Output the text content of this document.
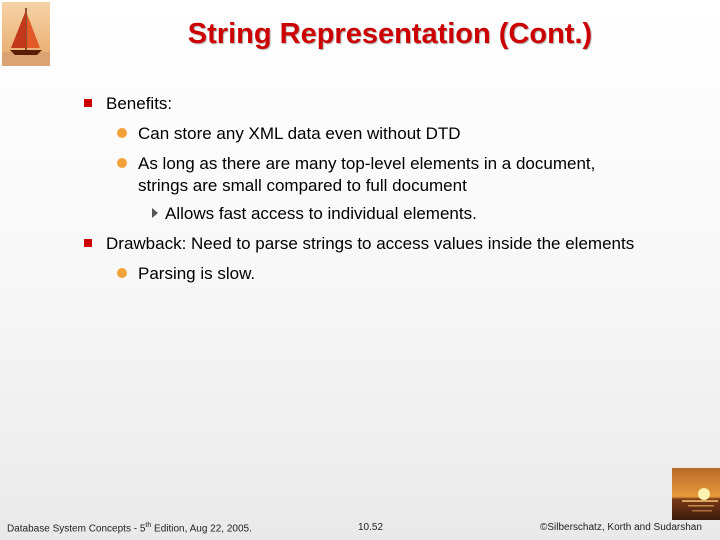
String Representation (Cont.)
Benefits:
Can store any XML data even without DTD
As long as there are many top-level elements in a document,
strings are small compared to full document
Allows fast access to individual elements.
Drawback: Need to parse strings to access values inside the elements
Parsing is slow.
Database System Concepts - 5th Edition, Aug 22, 2005.	10.52	©Silberschatz, Korth and Sudarshan
